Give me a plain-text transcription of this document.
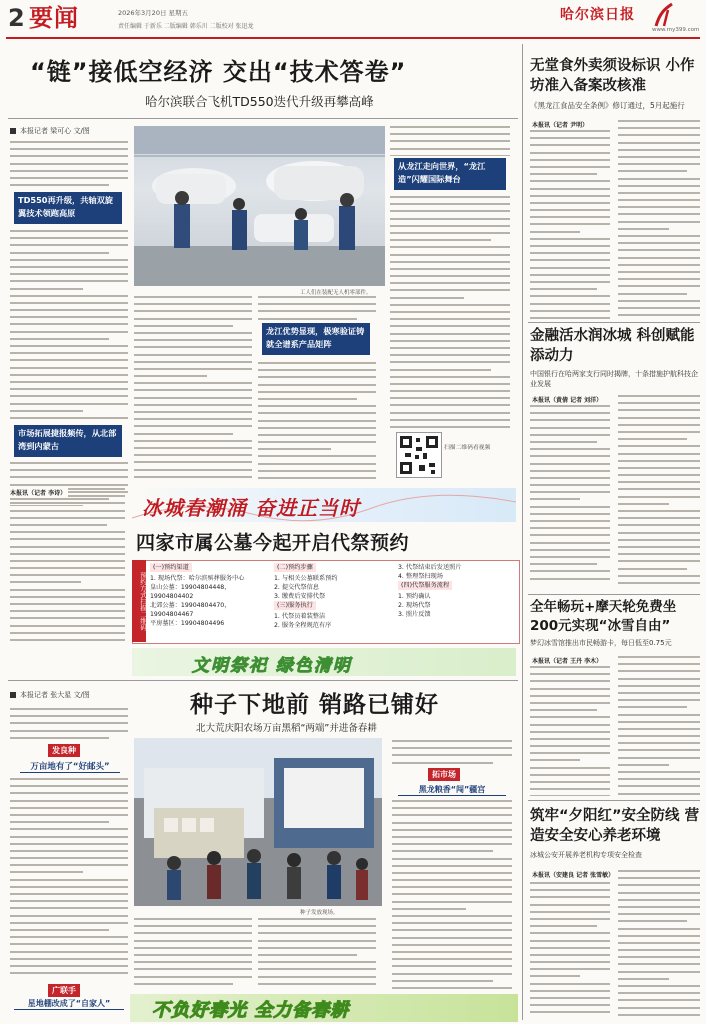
2 要闻	2026年3月20日 星期五
责任编辑 于新乐 二版编辑 韩乐川 二版校对 张迅龙
哈尔滨日报
www.my399.com
“链”接低空经济 交出“技术答卷”
哈尔滨联合飞机TD550迭代升级再攀高峰
本报记者 梁可心 文/图
TD550再升级，共轴双旋翼技术领跑高原
市场拓展捷报频传，从北部湾到内蒙古
工人们在装配无人机零部件。
龙江优势显现，极寒验证铸就全谱系产品矩阵
从龙江走向世界，“龙江造”闪耀国际舞台
扫描二维码看视频
冰城春潮涌 奋进正当时
本报讯（记者 李诗）
四家市属公墓今起开启代祭预约
预约方式扫描二维码
(一)预约渠道
1. 现场代祭：哈尔滨殡葬服务中心
皇山公墓：19904804448，19904804402
北郊公墓：19904804470，19904804467
平房墓区：19904804496
(二)预约步骤
1. 与相关公墓联系预约
2. 提交代祭信息
3. 缴费后安排代祭
(三)服务执行
1. 代祭员着装整洁
2. 服务全程规范有序
3. 代祭结束后发送照片
4. 整理祭扫现场
(四)代祭服务流程
1. 预约确认
2. 现场代祭
3. 照片反馈
文明祭祀 绿色清明
本报记者 张大星 文/图	种子下地前 销路已铺好
北大荒庆阳农场万亩黑稻“两端”并进备春耕
发良种
万亩地有了“好邮头”
广联手
星地棚改成了“自家人”
种子发放现场。
拓市场
黑龙粮香“闯”疆宫
不负好春光 全力备春耕
无堂食外卖须设标识 小作坊准入备案改核准
《黑龙江食品安全条例》修订通过，5月起施行
本报讯（记者 尹明）
金融活水润冰城 科创赋能添动力
中国银行在哈两家支行同时揭牌，十条措施护航科技企业发展
本报讯（黄倩 记者 刘洋）
全年畅玩+摩天轮免费坐 200元实现“冰雪自由”
梦幻冰雪馆推出市民畅游卡，每日低至0.75元
本报讯（记者 王丹 李木）
筑牢“夕阳红”安全防线 营造安全安心养老环境
冰城公安开展养老机构专项安全检查
本报讯（安建良 记者 张雪敏）
